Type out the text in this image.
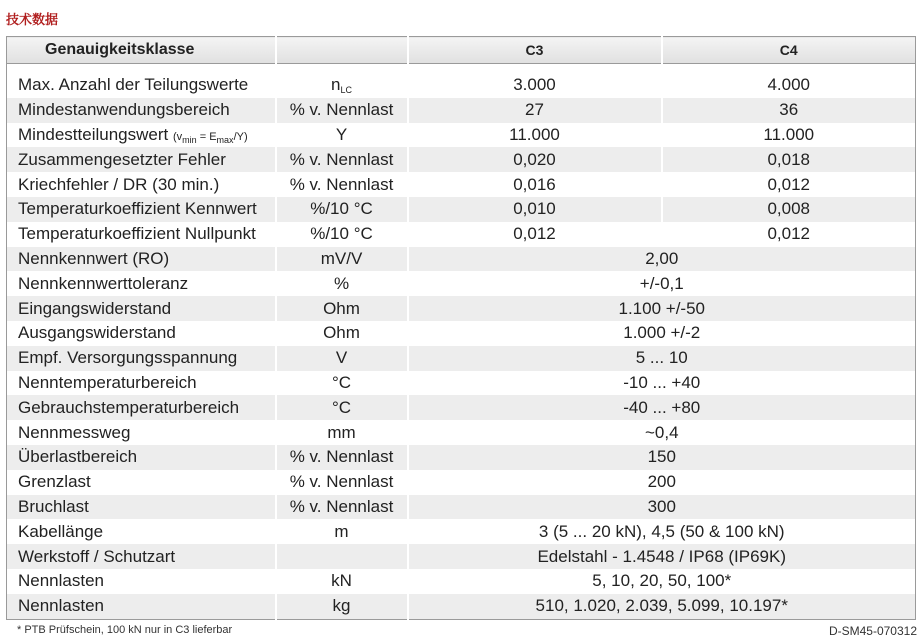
技术数据
Genauigkeitsklasse		C3	C4

Max. Anzahl der Teilungswerte	$n_{LC}$	3.000	4.000
Mindestanwendungsbereich	% v. Nennlast	27	36
Mindestteilungswert $(v_{min} = E_{max}/Y)$	Y	11.000	11.000
Zusammengesetzter Fehler	% v. Nennlast	0,020	0,018
Kriechfehler / DR (30 min.)	% v. Nennlast	0,016	0,012
Temperaturkoeffizient Kennwert	%/10 °C	0,010	0,008
Temperaturkoeffizient Nullpunkt	%/10 °C	0,012	0,012
Nennkennwert (RO)	mV/V	2,00	
Nennkennwerttoleranz	%	+/-0,1	
Eingangswiderstand	Ohm	1.100 +/-50	
Ausgangswiderstand	Ohm	1.000 +/-2	
Empf. Versorgungsspannung	V	5 ... 10	
Nenntemperaturbereich	°C	-10 ... +40	
Gebrauchstemperaturbereich	°C	-40 ... +80	
Nennmessweg	mm	~0,4	
Überlastbereich	% v. Nennlast	150	
Grenzlast	% v. Nennlast	200	
Bruchlast	% v. Nennlast	300	
Kabellänge	m	3 (5 ... 20 kN), 4,5 (50 & 100 kN)	
Werkstoff / Schutzart		Edelstahl - 1.4548 / IP68 (IP69K)	
Nennlasten	kN	5, 10, 20, 50, 100*	
Nennlasten	kg	510, 1.020, 2.039, 5.099, 10.197*	
* PTB Prüfschein, 100 kN nur in C3 lieferbar	D-SM45-070312
